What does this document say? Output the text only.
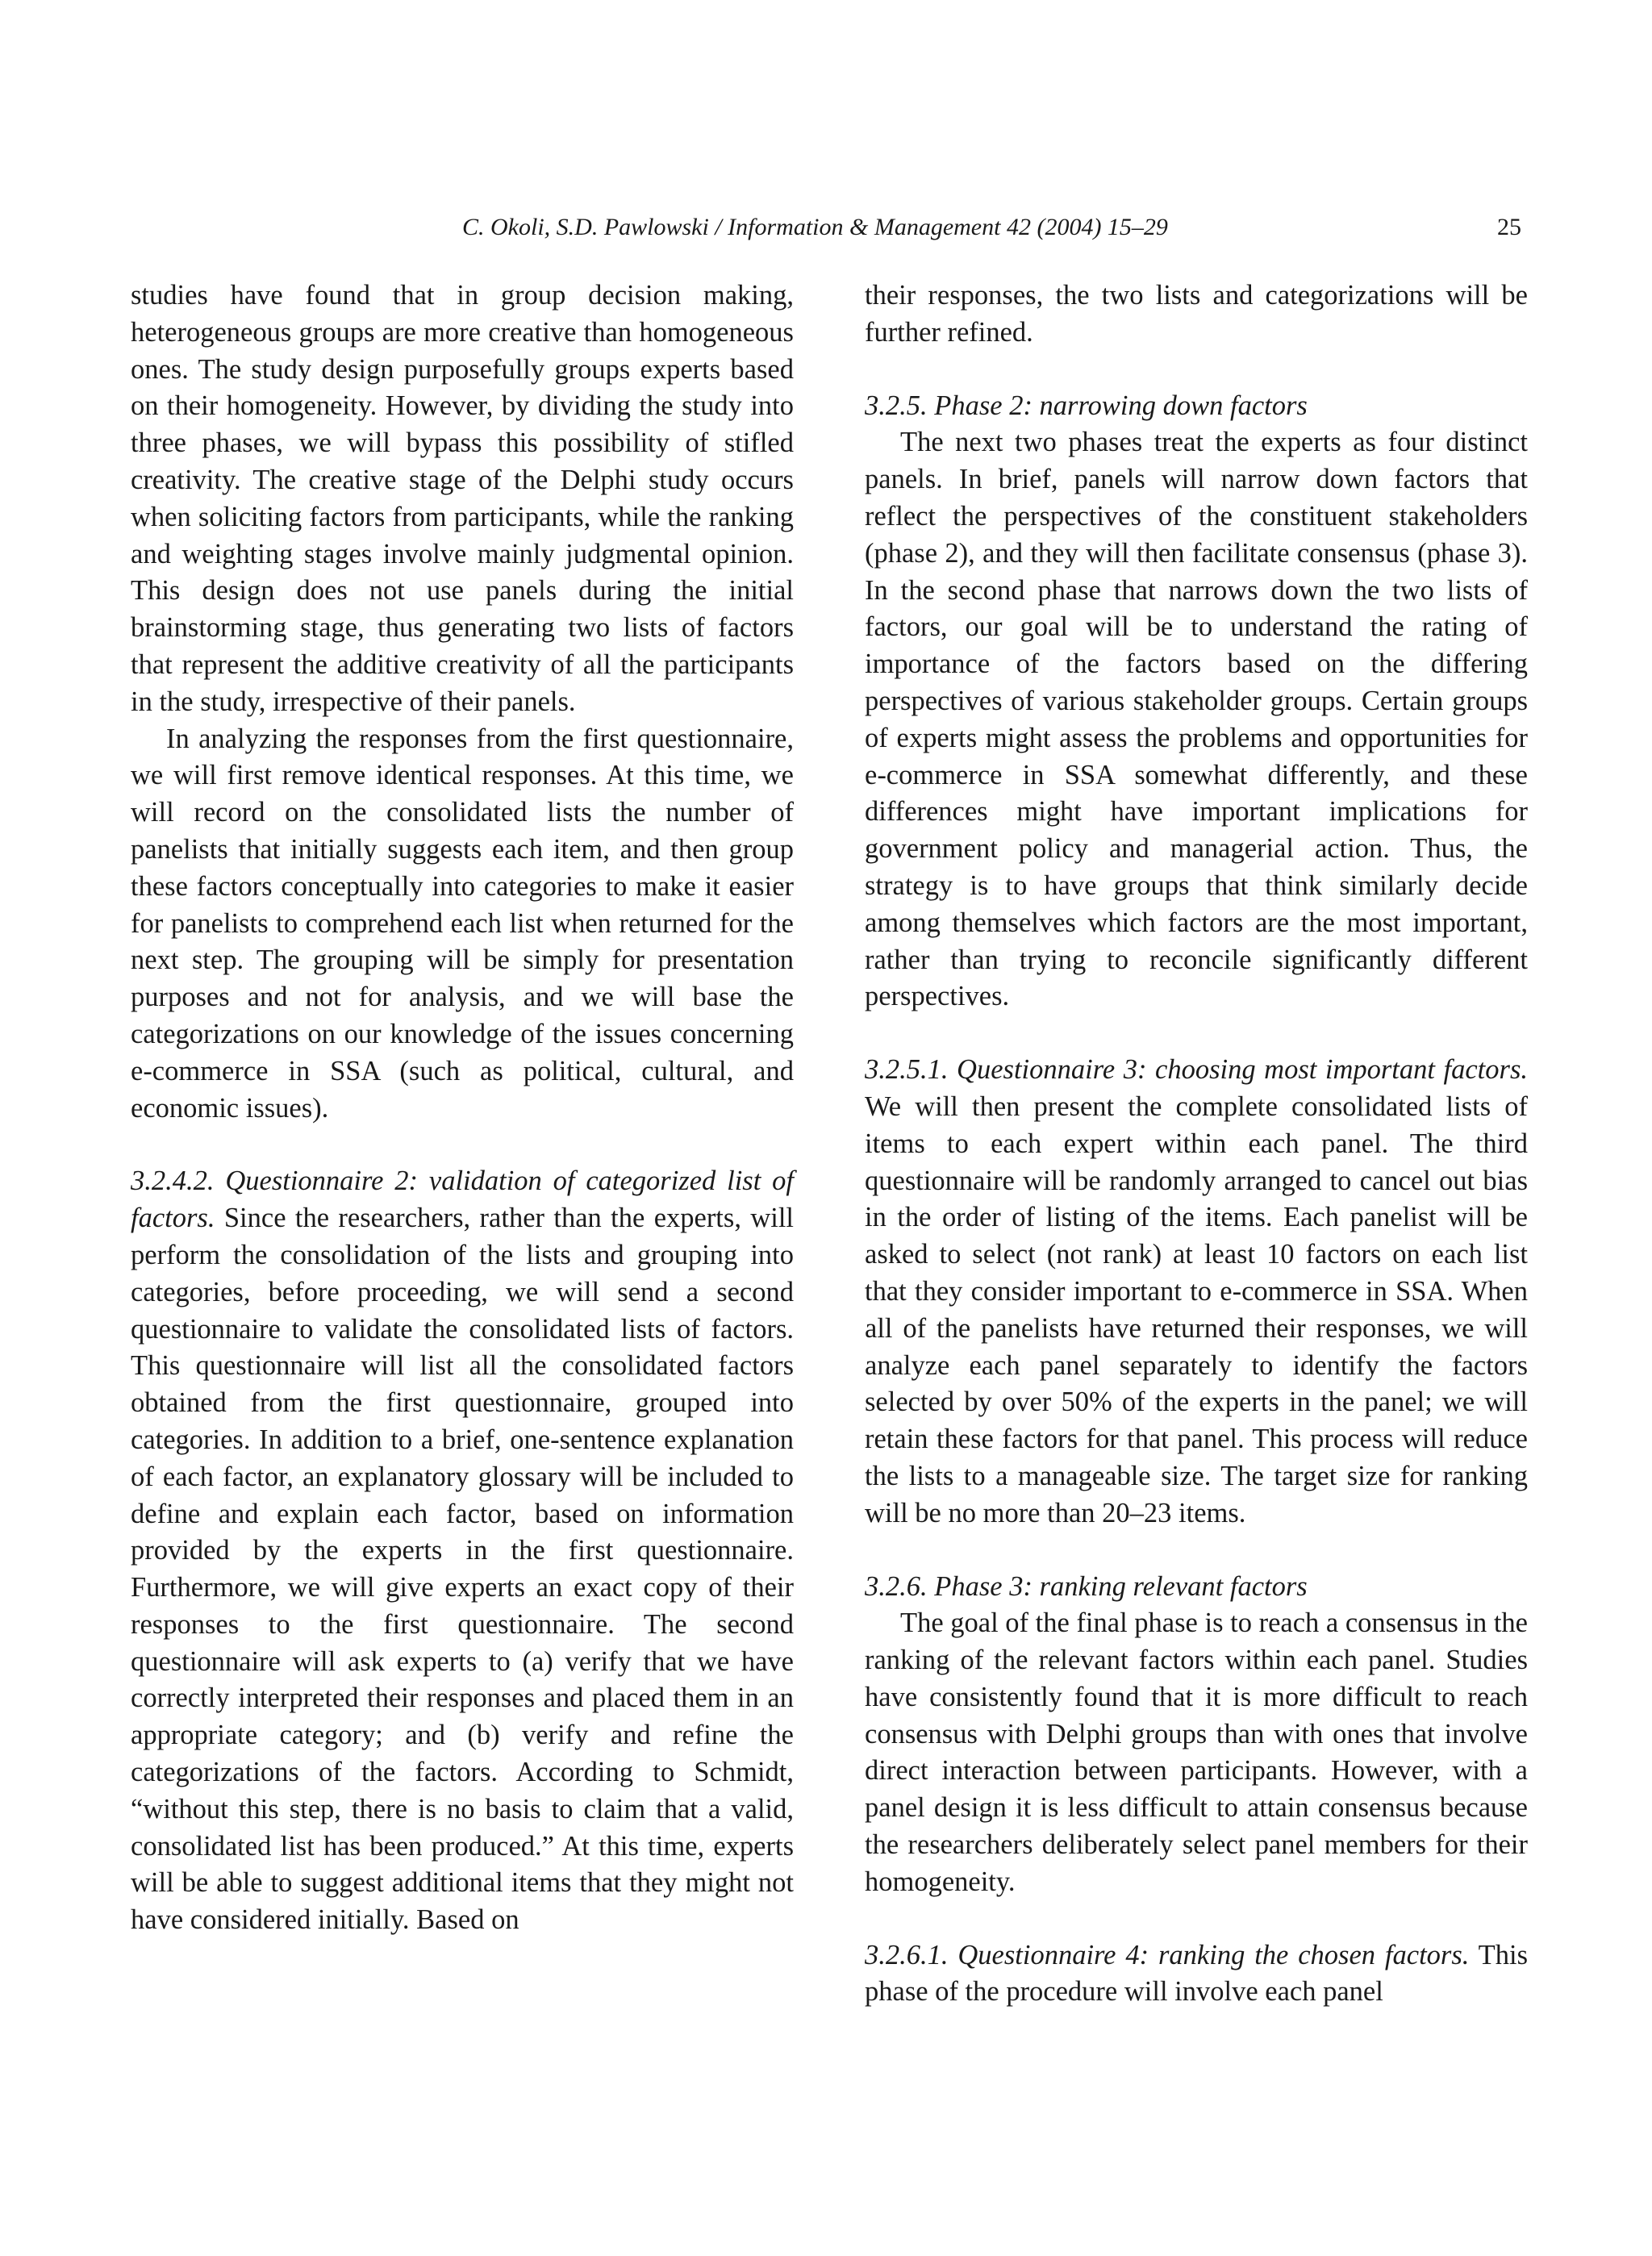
C. Okoli, S.D. Pawlowski / Information & Management 42 (2004) 15–29	25

studies have found that in group decision making, heterogeneous groups are more creative than homogeneous ones. The study design purposefully groups experts based on their homogeneity. However, by dividing the study into three phases, we will bypass this possibility of stifled creativity. The creative stage of the Delphi study occurs when soliciting factors from participants, while the ranking and weighting stages involve mainly judgmental opinion. This design does not use panels during the initial brainstorming stage, thus generating two lists of factors that represent the additive creativity of all the participants in the study, irrespective of their panels.

In analyzing the responses from the first questionnaire, we will first remove identical responses. At this time, we will record on the consolidated lists the number of panelists that initially suggests each item, and then group these factors conceptually into categories to make it easier for panelists to comprehend each list when returned for the next step. The grouping will be simply for presentation purposes and not for analysis, and we will base the categorizations on our knowledge of the issues concerning e-commerce in SSA (such as political, cultural, and economic issues).

3.2.4.2. Questionnaire 2: validation of categorized list of factors. Since the researchers, rather than the experts, will perform the consolidation of the lists and grouping into categories, before proceeding, we will send a second questionnaire to validate the consolidated lists of factors. This questionnaire will list all the consolidated factors obtained from the first questionnaire, grouped into categories. In addition to a brief, one-sentence explanation of each factor, an explanatory glossary will be included to define and explain each factor, based on information provided by the experts in the first questionnaire. Furthermore, we will give experts an exact copy of their responses to the first questionnaire. The second questionnaire will ask experts to (a) verify that we have correctly interpreted their responses and placed them in an appropriate category; and (b) verify and refine the categorizations of the factors. According to Schmidt, “without this step, there is no basis to claim that a valid, consolidated list has been produced.” At this time, experts will be able to suggest additional items that they might not have considered initially. Based on

their responses, the two lists and categorizations will be further refined.

3.2.5. Phase 2: narrowing down factors

The next two phases treat the experts as four distinct panels. In brief, panels will narrow down factors that reflect the perspectives of the constituent stakeholders (phase 2), and they will then facilitate consensus (phase 3). In the second phase that narrows down the two lists of factors, our goal will be to understand the rating of importance of the factors based on the differing perspectives of various stakeholder groups. Certain groups of experts might assess the problems and opportunities for e-commerce in SSA somewhat differently, and these differences might have important implications for government policy and managerial action. Thus, the strategy is to have groups that think similarly decide among themselves which factors are the most important, rather than trying to reconcile significantly different perspectives.

3.2.5.1. Questionnaire 3: choosing most important factors. We will then present the complete consolidated lists of items to each expert within each panel. The third questionnaire will be randomly arranged to cancel out bias in the order of listing of the items. Each panelist will be asked to select (not rank) at least 10 factors on each list that they consider important to e-commerce in SSA. When all of the panelists have returned their responses, we will analyze each panel separately to identify the factors selected by over 50% of the experts in the panel; we will retain these factors for that panel. This process will reduce the lists to a manageable size. The target size for ranking will be no more than 20–23 items.

3.2.6. Phase 3: ranking relevant factors

The goal of the final phase is to reach a consensus in the ranking of the relevant factors within each panel. Studies have consistently found that it is more difficult to reach consensus with Delphi groups than with ones that involve direct interaction between participants. However, with a panel design it is less difficult to attain consensus because the researchers deliberately select panel members for their homogeneity.

3.2.6.1. Questionnaire 4: ranking the chosen factors. This phase of the procedure will involve each panel
